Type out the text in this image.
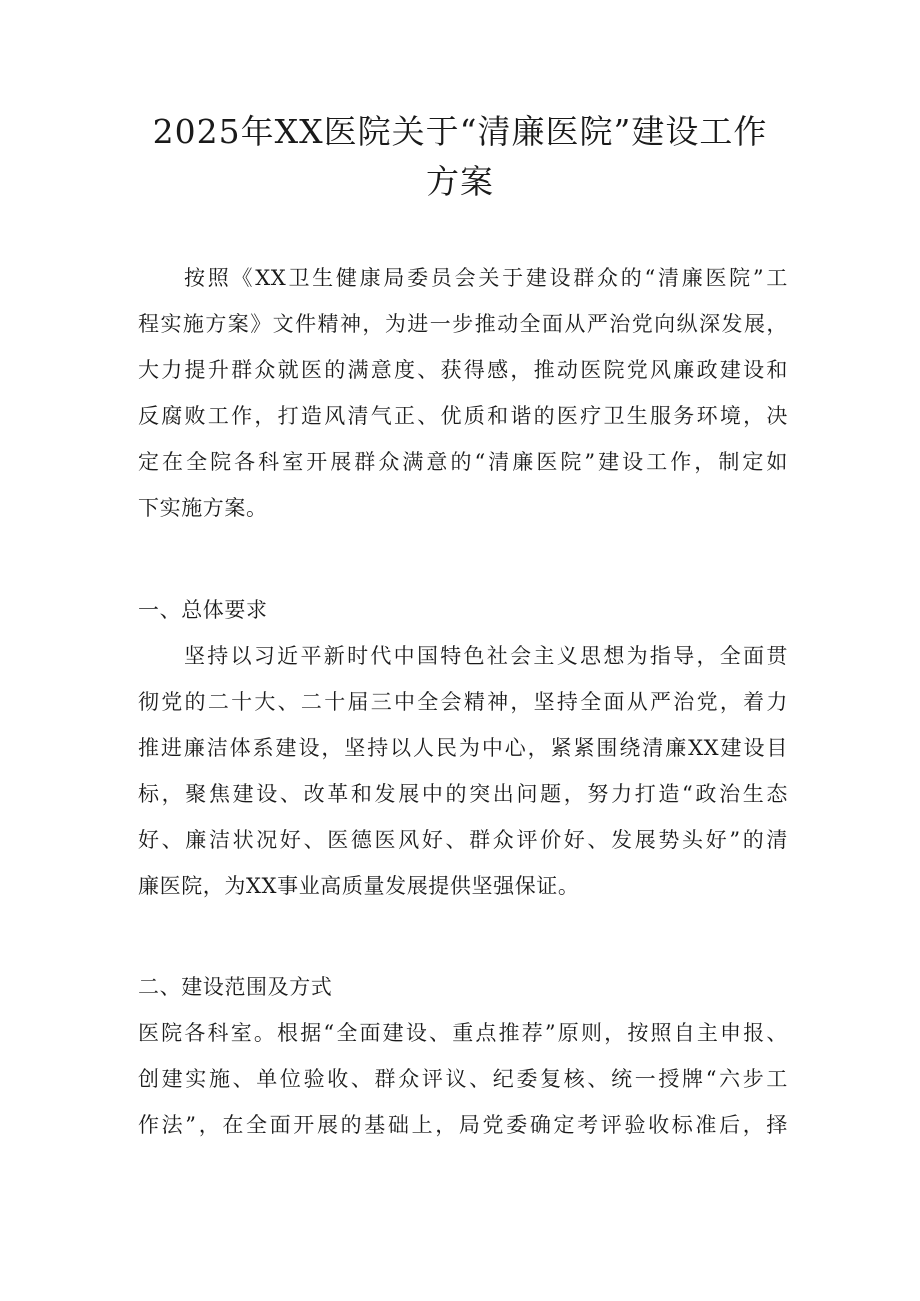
2025年XX医院关于“清廉医院”建设工作
方案

按照《XX卫生健康局委员会关于建设群众的“清廉医院”工
程实施方案》文件精神，为进一步推动全面从严治党向纵深发展，
大力提升群众就医的满意度、获得感，推动医院党风廉政建设和
反腐败工作，打造风清气正、优质和谐的医疗卫生服务环境，决
定在全院各科室开展群众满意的“清廉医院”建设工作，制定如
下实施方案。

一、总体要求

坚持以习近平新时代中国特色社会主义思想为指导，全面贯
彻党的二十大、二十届三中全会精神，坚持全面从严治党，着力
推进廉洁体系建设，坚持以人民为中心，紧紧围绕清廉XX建设目
标，聚焦建设、改革和发展中的突出问题，努力打造“政治生态
好、廉洁状况好、医德医风好、群众评价好、发展势头好”的清
廉医院，为XX事业高质量发展提供坚强保证。

二、建设范围及方式

医院各科室。根据“全面建设、重点推荐”原则，按照自主申报、
创建实施、单位验收、群众评议、纪委复核、统一授牌“六步工
作法”，在全面开展的基础上，局党委确定考评验收标准后，择
